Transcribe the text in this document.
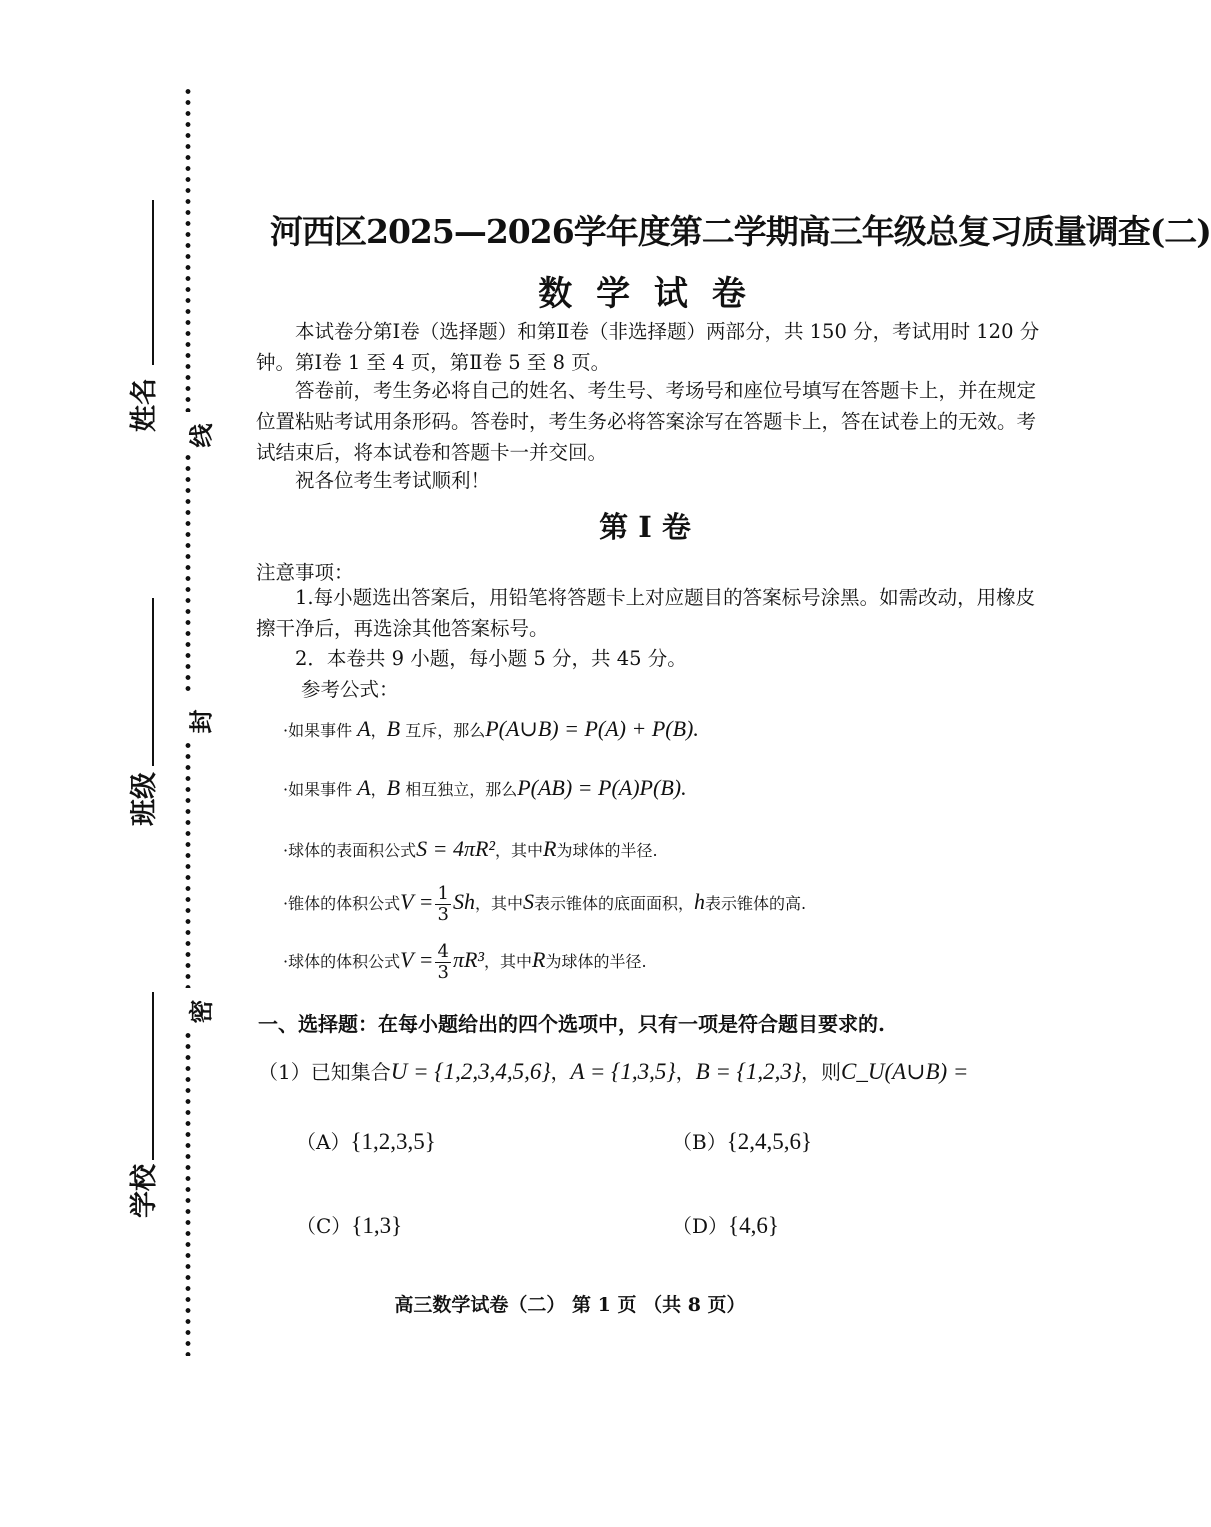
线
封
密
姓名
班级
学校
河西区2025—2026学年度第二学期高三年级总复习质量调查(二)
数 学 试 卷
本试卷分第Ⅰ卷（选择题）和第Ⅱ卷（非选择题）两部分，共 150 分，考试用时 120 分钟。第Ⅰ卷 1 至 4 页，第Ⅱ卷 5 至 8 页。
答卷前，考生务必将自己的姓名、考生号、考场号和座位号填写在答题卡上，并在规定位置粘贴考试用条形码。答卷时，考生务必将答案涂写在答题卡上，答在试卷上的无效。考试结束后，将本试卷和答题卡一并交回。
祝各位考生考试顺利！
第 I 卷
注意事项：
1.每小题选出答案后，用铅笔将答题卡上对应题目的答案标号涂黑。如需改动，用橡皮擦干净后，再选涂其他答案标号。
2．本卷共 9 小题，每小题 5 分，共 45 分。
参考公式：
·如果事件 A，B 互斥，那么P(A∪B) = P(A) + P(B).
·如果事件 A，B 相互独立，那么P(AB) = P(A)P(B).
·球体的表面积公式S = 4πR²，其中R为球体的半径.
·锥体的体积公式$V = \frac{1}{3}$ Sh，其中S表示锥体的底面面积，h表示锥体的高.
·球体的体积公式$V = \frac{4}{3} \pi R^3$，其中R为球体的半径.
一、选择题：在每小题给出的四个选项中，只有一项是符合题目要求的.
（1）已知集合U = {1,2,3,4,5,6}，A = {1,3,5}，B = {1,2,3}，则C_U(A∪B) =
（A）{1,2,3,5}	（B）{2,4,5,6}
（C）{1,3}	（D）{4,6}
高三数学试卷（二） 第 1 页 （共 8 页）
